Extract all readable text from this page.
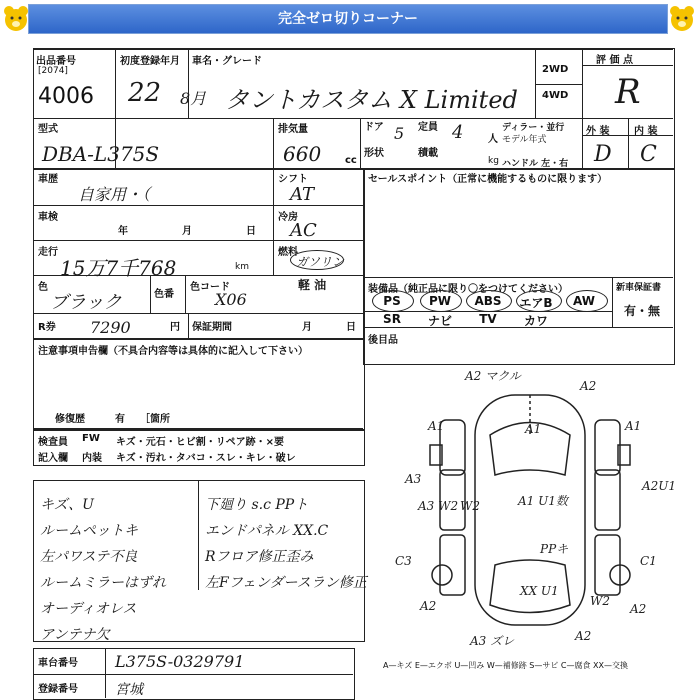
完全ゼロ切りコーナー
出品番号
[2074]
4006
初度登録年月
22 8月
車名・グレード
タントカスタム X Limited
2WD
4WD
評 価 点
R
型式
DBA-L375S
排気量
660 cc
ドア 5 定員 4 人
ディラー・並行
モデル年式
形状	積載
kg ハンドル 左・右
外 装 内 装
D C
車歴
自家用・（
シフト
AT
車検
年	月	日
冷房
AC
走行
15万7千768	km
燃料
ガソリン
軽 油
色
ブラック	色番
色コード
X06
R券 7290	円 保証期間	月	日
セールスポイント（正常に機能するものに限ります）
装備品（純正品に限り〇をつけてください）	新車保証書
有・無
PS	PW	ABS	エアB	AW
SR	ナビ	TV	カワ
後目品
注意事項申告欄（不具合内容等は具体的に記入して下さい）
修復歴	有 ［箇所
検査員
記入欄
FW
内装
キズ・元石・ヒビ割・リペア跡・×要
キズ・汚れ・タバコ・スレ・キレ・破レ
キズ、U
ルームペットキ
左パワステ不良
ルームミラーはずれ
オーディオレス
アンテナ欠
下廻り s.c PPト
エンドパネル XX.C
Rフロア修正歪み
左Fフェンダースラン修正
車台番号 L375S-0329791
登録番号	宮城
A2 マクル
A2
A1
A1	A1
A3
A3 W2 W2	A1 U1数
A2U1
PPキ
C3	C1
XX U1
W2
A2	A2
A2
A3 ズレ
A—キズ E—エクボ U—凹み W—補修跡 S—サビ C—腐食 XX—交換
